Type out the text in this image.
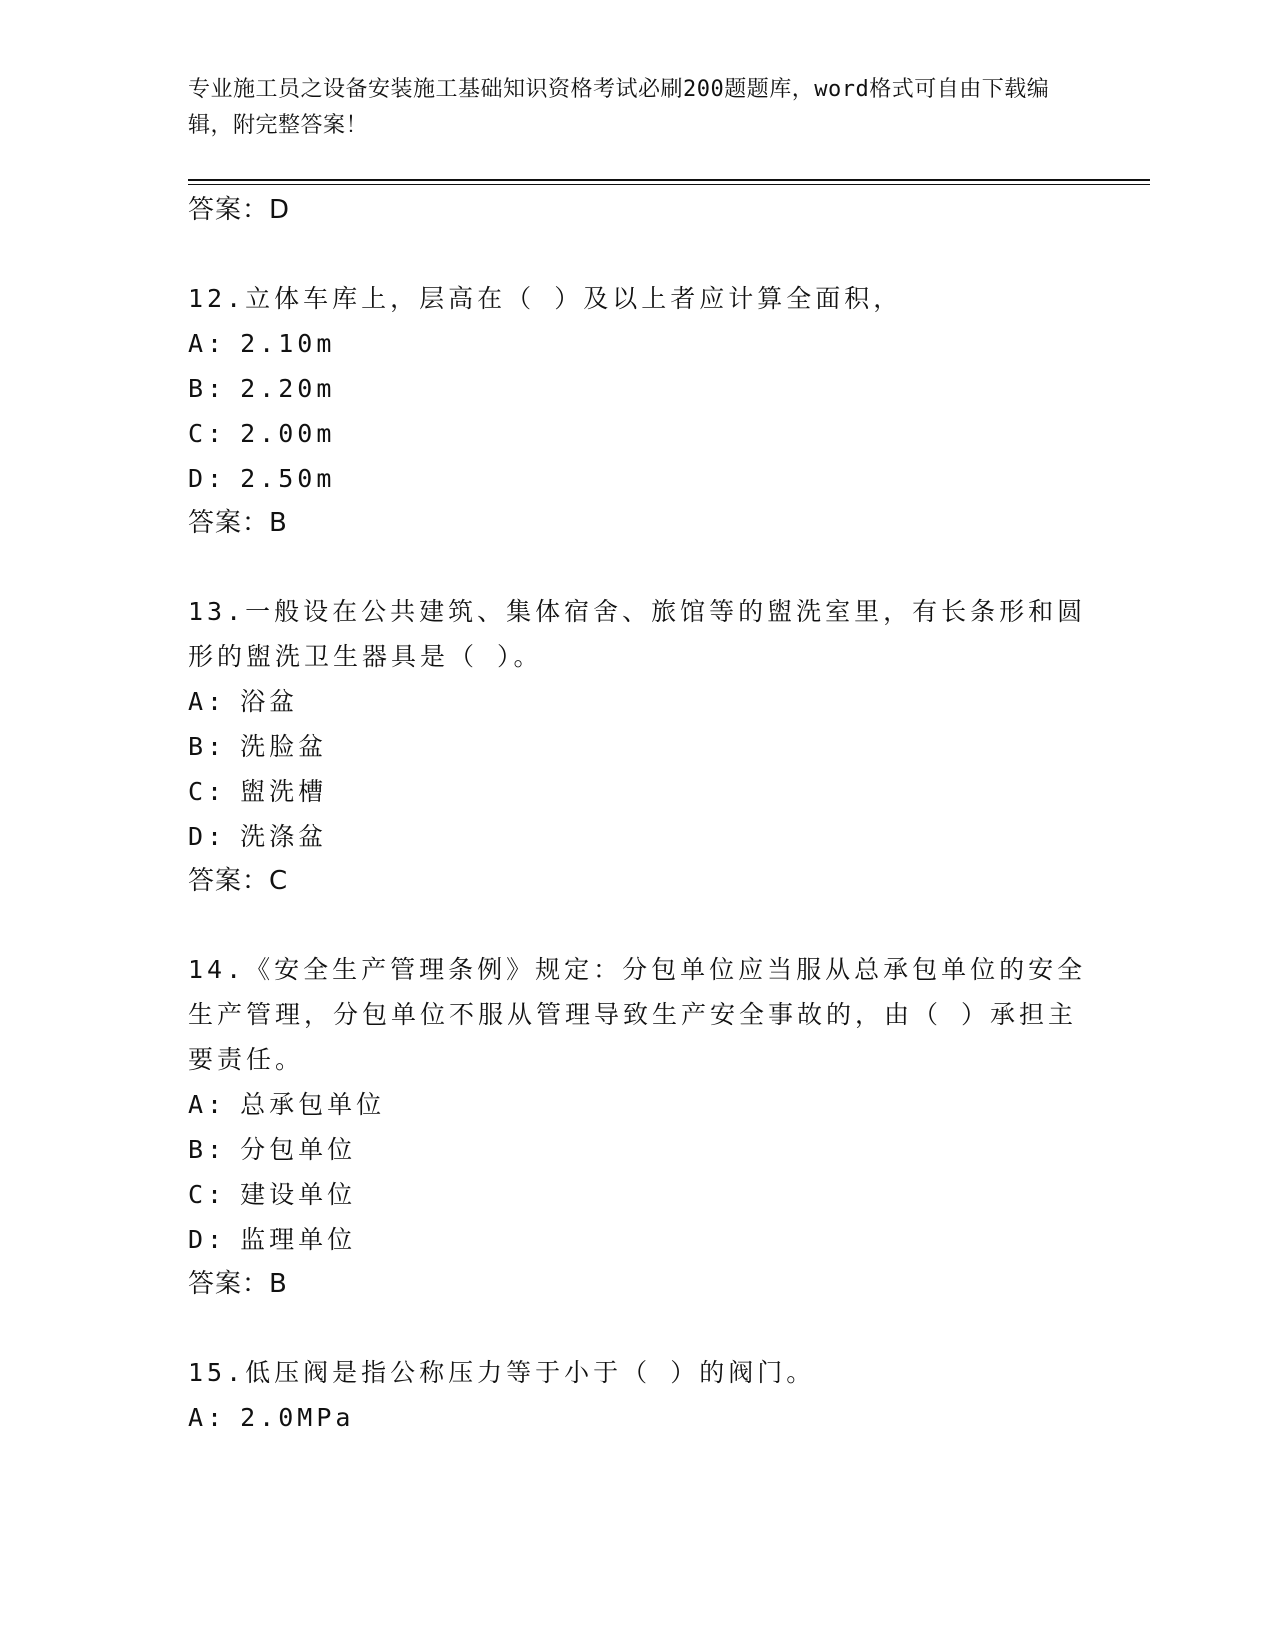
专业施工员之设备安装施工基础知识资格考试必刷200题题库，word格式可自由下载编辑，附完整答案！

答案：D

12.立体车库上，层高在（ ）及以上者应计算全面积，

A: 2.10m

B: 2.20m

C: 2.00m

D: 2.50m

答案：B

13.一般设在公共建筑、集体宿舍、旅馆等的盥洗室里，有长条形和圆形的盥洗卫生器具是（ ）。

A: 浴盆

B: 洗脸盆

C: 盥洗槽

D: 洗涤盆

答案：C

14.《安全生产管理条例》规定：分包单位应当服从总承包单位的安全生产管理，分包单位不服从管理导致生产安全事故的，由（ ）承担主要责任。

A: 总承包单位

B: 分包单位

C: 建设单位

D: 监理单位

答案：B

15.低压阀是指公称压力等于小于（ ）的阀门。

A: 2.0MPa
